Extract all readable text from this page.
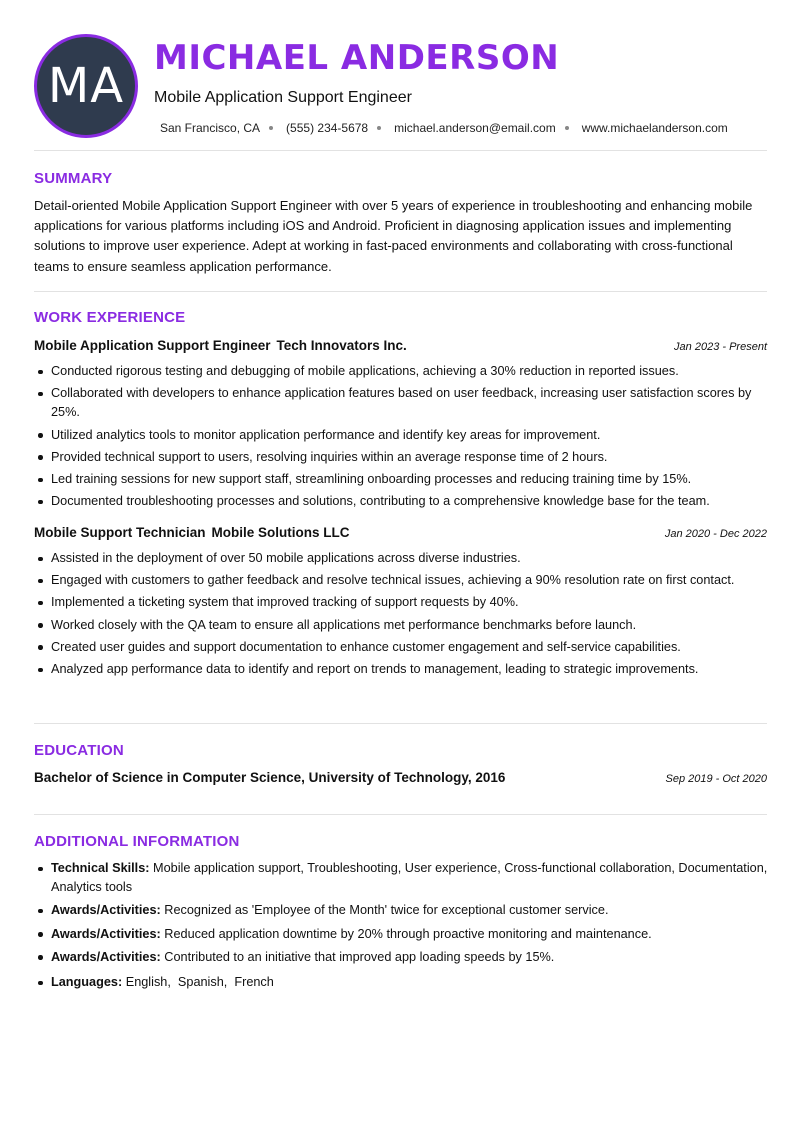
MA MICHAEL ANDERSON
Mobile Application Support Engineer
San Francisco, CA (555) 234-5678 michael.anderson@email.com www.michaelanderson.com
SUMMARY
Detail-oriented Mobile Application Support Engineer with over 5 years of experience in troubleshooting and enhancing mobile applications for various platforms including iOS and Android. Proficient in diagnosing application issues and implementing solutions to improve user experience. Adept at working in fast-paced environments and collaborating with cross-functional teams to ensure seamless application performance.
WORK EXPERIENCE
Mobile Application Support Engineer Tech Innovators Inc.	Jan 2023 - Present
Conducted rigorous testing and debugging of mobile applications, achieving a 30% reduction in reported issues.
Collaborated with developers to enhance application features based on user feedback, increasing user satisfaction scores by 25%.
Utilized analytics tools to monitor application performance and identify key areas for improvement.
Provided technical support to users, resolving inquiries within an average response time of 2 hours.
Led training sessions for new support staff, streamlining onboarding processes and reducing training time by 15%.
Documented troubleshooting processes and solutions, contributing to a comprehensive knowledge base for the team.
Mobile Support Technician Mobile Solutions LLC	Jan 2020 - Dec 2022
Assisted in the deployment of over 50 mobile applications across diverse industries.
Engaged with customers to gather feedback and resolve technical issues, achieving a 90% resolution rate on first contact.
Implemented a ticketing system that improved tracking of support requests by 40%.
Worked closely with the QA team to ensure all applications met performance benchmarks before launch.
Created user guides and support documentation to enhance customer engagement and self-service capabilities.
Analyzed app performance data to identify and report on trends to management, leading to strategic improvements.
EDUCATION
Bachelor of Science in Computer Science, University of Technology, 2016	Sep 2019 - Oct 2020
ADDITIONAL INFORMATION
Technical Skills: Mobile application support, Troubleshooting, User experience, Cross-functional collaboration, Documentation, Analytics tools
Awards/Activities: Recognized as 'Employee of the Month' twice for exceptional customer service.
Awards/Activities: Reduced application downtime by 20% through proactive monitoring and maintenance.
Awards/Activities: Contributed to an initiative that improved app loading speeds by 15%.
Languages: English,  Spanish,  French
